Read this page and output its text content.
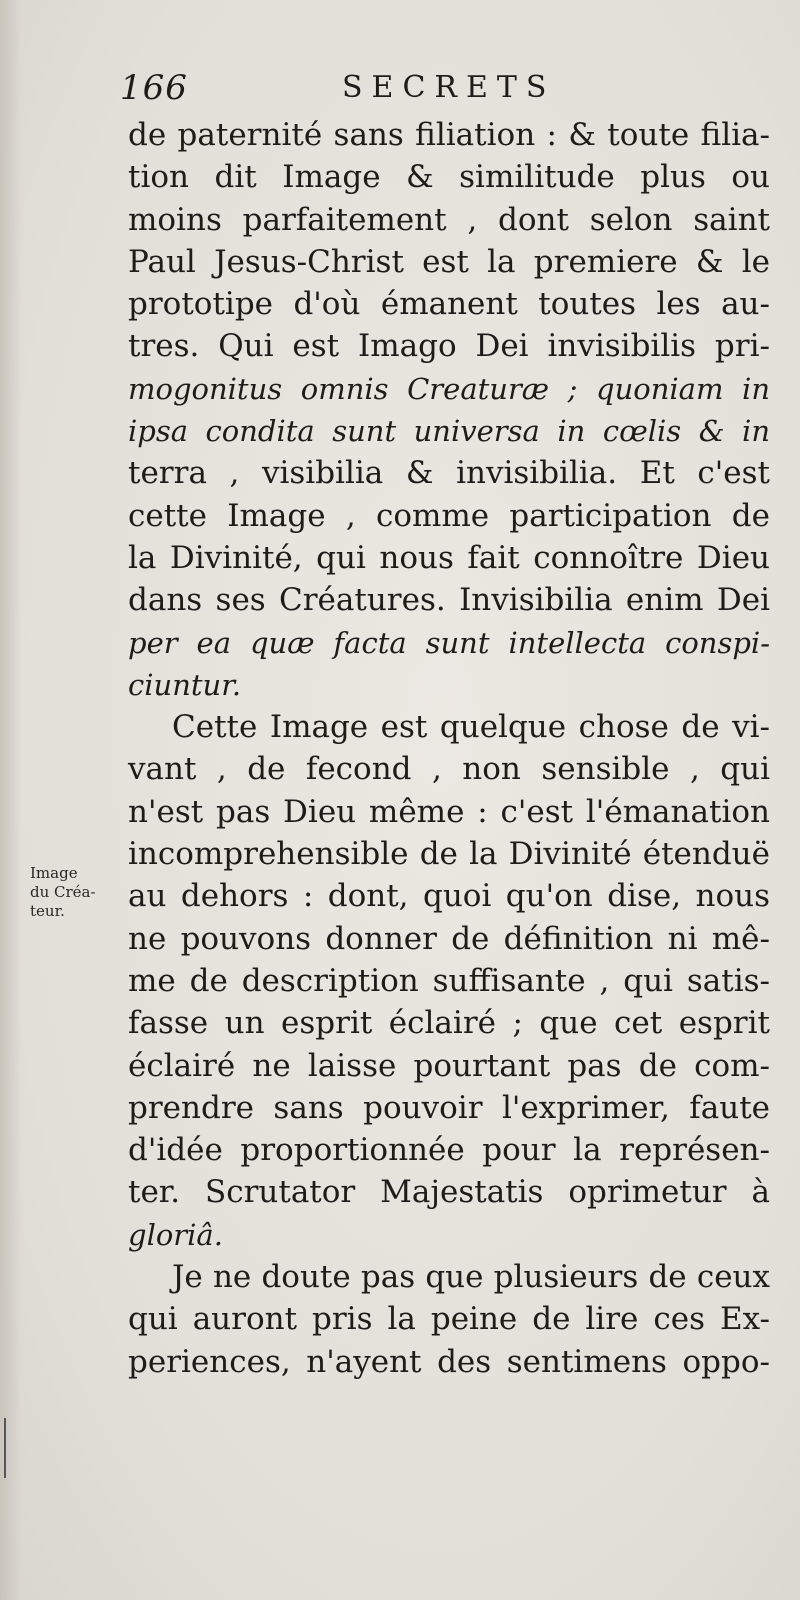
166	SECRETS
Image
du Créa-
teur.
de paternité sans filiation : & toute filia-
tion dit Image & similitude plus ou
moins parfaitement , dont selon saint
Paul Jesus-Christ est la premiere & le
prototipe d'où émanent toutes les au-
tres. Qui est Imago Dei invisibilis pri-
mogonitus omnis Creaturæ ; quoniam in
ipsa condita sunt universa in cœlis & in
terra , visibilia & invisibilia. Et c'est
cette Image , comme participation de
la Divinité, qui nous fait connoître Dieu
dans ses Créatures. Invisibilia enim Dei
per ea quæ facta sunt intellecta conspi-
ciuntur.
Cette Image est quelque chose de vi-
vant , de fecond , non sensible , qui
n'est pas Dieu même : c'est l'émanation
incomprehensible de la Divinité étenduë
au dehors : dont, quoi qu'on dise, nous
ne pouvons donner de définition ni mê-
me de description suffisante , qui satis-
fasse un esprit éclairé ; que cet esprit
éclairé ne laisse pourtant pas de com-
prendre sans pouvoir l'exprimer, faute
d'idée proportionnée pour la représen-
ter. Scrutator Majestatis oprimetur à
gloriâ.
Je ne doute pas que plusieurs de ceux
qui auront pris la peine de lire ces Ex-
periences, n'ayent des sentimens oppo-
